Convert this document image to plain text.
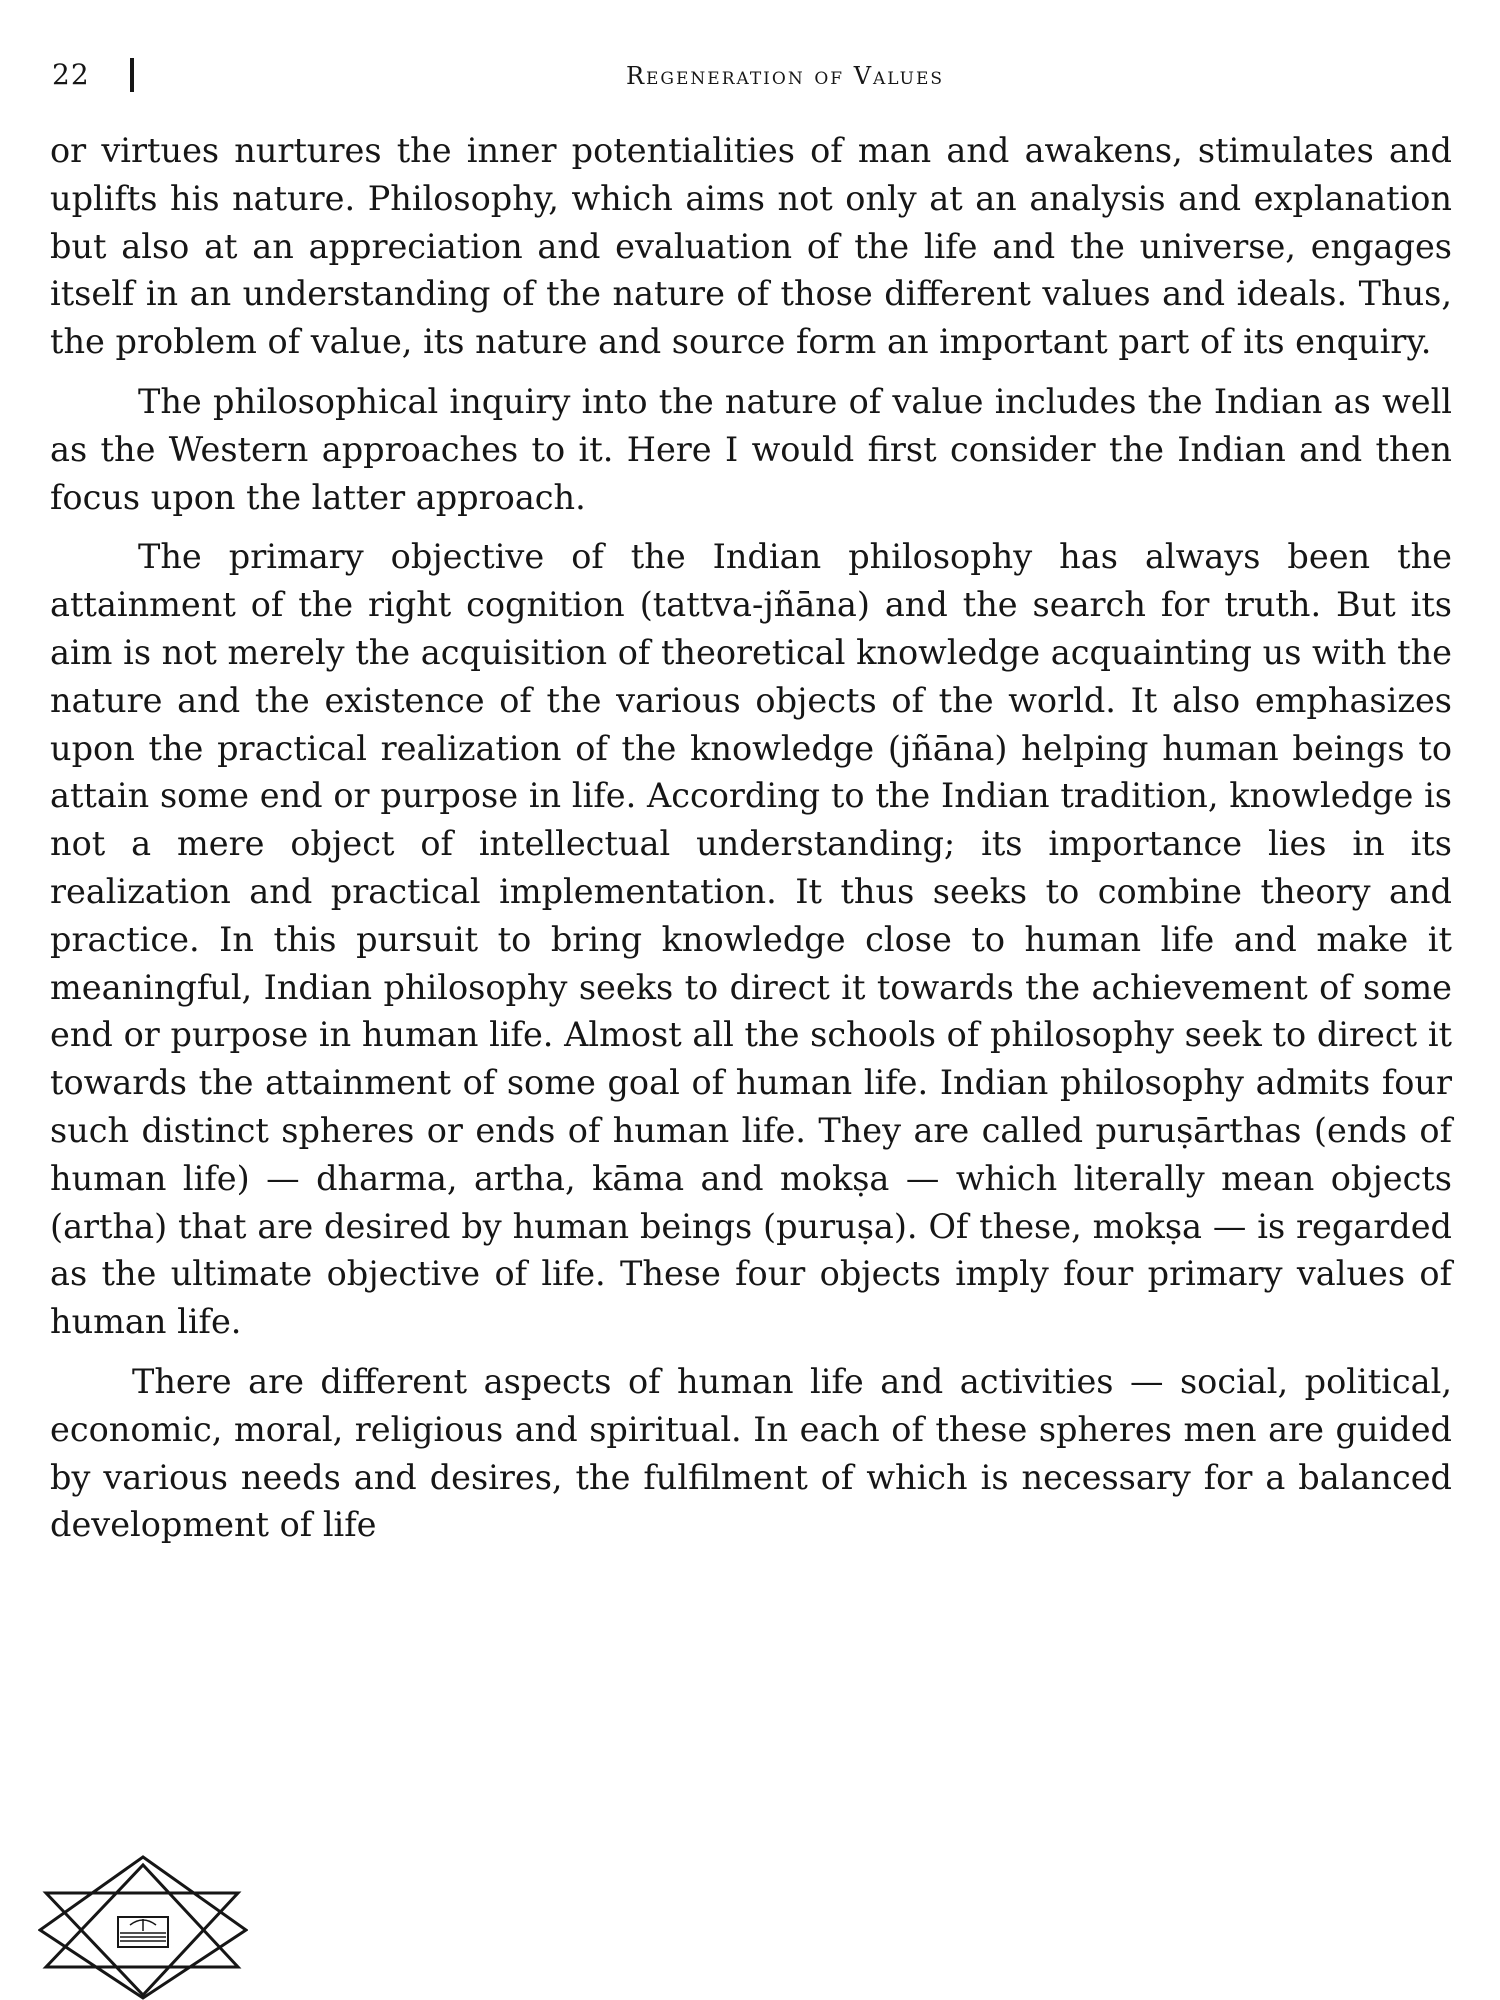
22	Regeneration of Values

or virtues nurtures the inner potentialities of man and awakens, stimulates and uplifts his nature. Philosophy, which aims not only at an analysis and explanation but also at an appreciation and evaluation of the life and the universe, engages itself in an understanding of the nature of those different values and ideals. Thus, the problem of value, its nature and source form an important part of its enquiry.

The philosophical inquiry into the nature of value includes the Indian as well as the Western approaches to it. Here I would first consider the Indian and then focus upon the latter approach.

The primary objective of the Indian philosophy has always been the attainment of the right cognition (tattva-jñāna) and the search for truth. But its aim is not merely the acquisition of theoretical knowledge acquainting us with the nature and the existence of the various objects of the world. It also emphasizes upon the practical realization of the knowledge (jñāna) helping human beings to attain some end or purpose in life. According to the Indian tradition, knowledge is not a mere object of intellectual understanding; its importance lies in its realization and practical implementation. It thus seeks to combine theory and practice. In this pursuit to bring knowledge close to human life and make it meaningful, Indian philosophy seeks to direct it towards the achievement of some end or purpose in human life. Almost all the schools of philosophy seek to direct it towards the attainment of some goal of human life. Indian philosophy admits four such distinct spheres or ends of human life. They are called puruṣārthas (ends of human life) — dharma, artha, kāma and mokṣa — which literally mean objects (artha) that are desired by human beings (puruṣa). Of these, mokṣa — is regarded as the ultimate objective of life. These four objects imply four primary values of human life.

There are different aspects of human life and activities — social, political, economic, moral, religious and spiritual. In each of these spheres men are guided by various needs and desires, the fulfilment of which is necessary for a balanced development of life
